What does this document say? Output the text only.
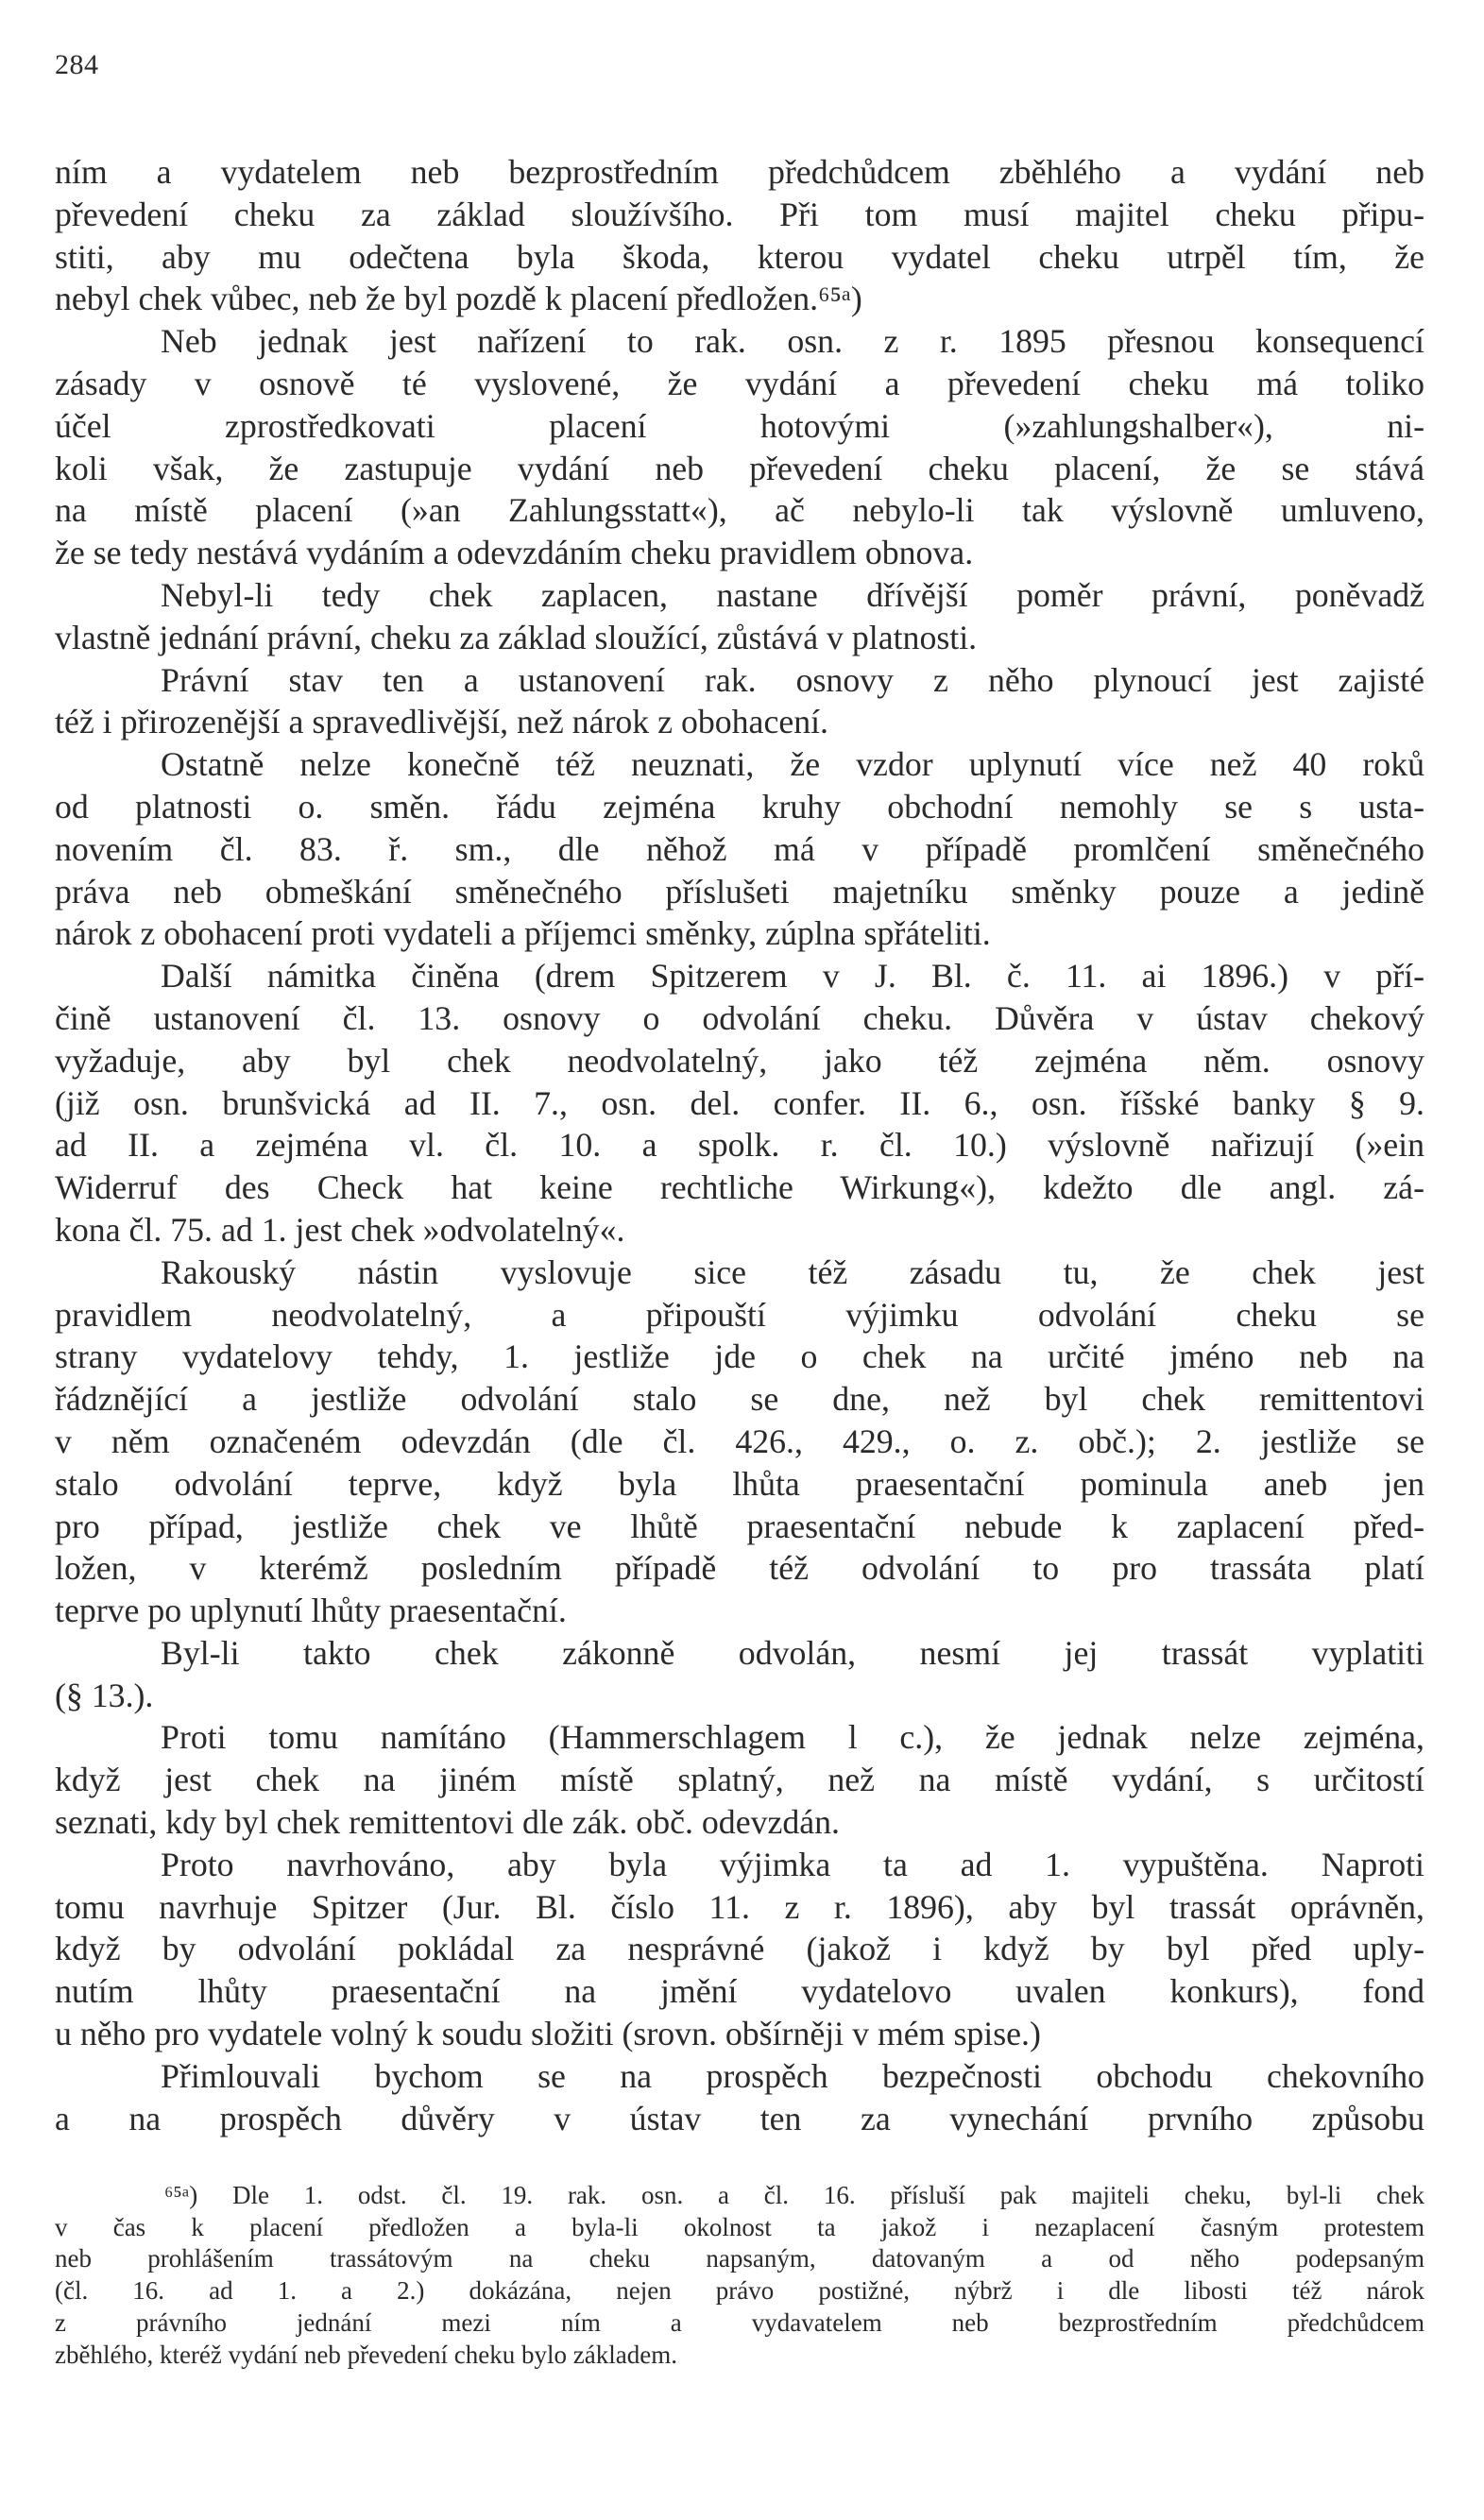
284

ním a vydatelem neb bezprostředním předchůdcem zběhlého a vydání neb

převedení cheku za základ sloužívšího. Při tom musí majitel cheku připu-

stiti, aby mu odečtena byla škoda, kterou vydatel cheku utrpěl tím, že

nebyl chek vůbec, neb že byl pozdě k placení předložen.⁶⁵ᵃ)

Neb jednak jest nařízení to rak. osn. z r. 1895 přesnou konsequencí

zásady v osnově té vyslovené, že vydání a převedení cheku má toliko

účel zprostředkovati placení hotovými (»zahlungshalber«), ni-

koli však, že zastupuje vydání neb převedení cheku placení, že se stává

na místě placení (»an Zahlungsstatt«), ač nebylo-li tak výslovně umluveno,

že se tedy nestává vydáním a odevzdáním cheku pravidlem obnova.

Nebyl-li tedy chek zaplacen, nastane dřívější poměr právní, poněvadž

vlastně jednání právní, cheku za základ sloužící, zůstává v platnosti.

Právní stav ten a ustanovení rak. osnovy z něho plynoucí jest zajisté

též i přirozenější a spravedlivější, než nárok z obohacení.

Ostatně nelze konečně též neuznati, že vzdor uplynutí více než 40 roků

od platnosti o. směn. řádu zejména kruhy obchodní nemohly se s usta-

novením čl. 83. ř. sm., dle něhož má v případě promlčení směnečného

práva neb obmeškání směnečného příslušeti majetníku směnky pouze a jedině

nárok z obohacení proti vydateli a příjemci směnky, zúplna spřáteliti.

Další námitka činěna (drem Spitzerem v J. Bl. č. 11. ai 1896.) v pří-

čině ustanovení čl. 13. osnovy o odvolání cheku. Důvěra v ústav chekový

vyžaduje, aby byl chek neodvolatelný, jako též zejména něm. osnovy

(již osn. brunšvická ad II. 7., osn. del. confer. II. 6., osn. říšské banky § 9.

ad II. a zejména vl. čl. 10. a spolk. r. čl. 10.) výslovně nařizují (»ein

Widerruf des Check hat keine rechtliche Wirkung«), kdežto dle angl. zá-

kona čl. 75. ad 1. jest chek »odvolatelný«.

Rakouský nástin vyslovuje sice též zásadu tu, že chek jest

pravidlem neodvolatelný, a připouští výjimku odvolání cheku se

strany vydatelovy tehdy, 1. jestliže jde o chek na určité jméno neb na

řádznějící a jestliže odvolání stalo se dne, než byl chek remittentovi

v něm označeném odevzdán (dle čl. 426., 429., o. z. obč.); 2. jestliže se

stalo odvolání teprve, když byla lhůta praesentační pominula aneb jen

pro případ, jestliže chek ve lhůtě praesentační nebude k zaplacení před-

ložen, v kterémž posledním případě též odvolání to pro trassáta platí

teprve po uplynutí lhůty praesentační.

Byl-li takto chek zákonně odvolán, nesmí jej trassát vyplatiti

(§ 13.).

Proti tomu namítáno (Hammerschlagem l c.), že jednak nelze zejména,

když jest chek na jiném místě splatný, než na místě vydání, s určitostí

seznati, kdy byl chek remittentovi dle zák. obč. odevzdán.

Proto navrhováno, aby byla výjimka ta ad 1. vypuštěna. Naproti

tomu navrhuje Spitzer (Jur. Bl. číslo 11. z r. 1896), aby byl trassát oprávněn,

když by odvolání pokládal za nesprávné (jakož i když by byl před uply-

nutím lhůty praesentační na jmění vydatelovo uvalen konkurs), fond

u něho pro vydatele volný k soudu složiti (srovn. obšírněji v mém spise.)

Přimlouvali bychom se na prospěch bezpečnosti obchodu chekovního

a na prospěch důvěry v ústav ten za vynechání prvního způsobu

⁶⁵ᵃ) Dle 1. odst. čl. 19. rak. osn. a čl. 16. přísluší pak majiteli cheku, byl-li chek

v čas k placení předložen a byla-li okolnost ta jakož i nezaplacení časným protestem

neb prohlášením trassátovým na cheku napsaným, datovaným a od něho podepsaným

(čl. 16. ad 1. a 2.) dokázána, nejen právo postižné, nýbrž i dle libosti též nárok

z právního jednání mezi ním a vydavatelem neb bezprostředním předchůdcem

zběhlého, kteréž vydání neb převedení cheku bylo základem.
